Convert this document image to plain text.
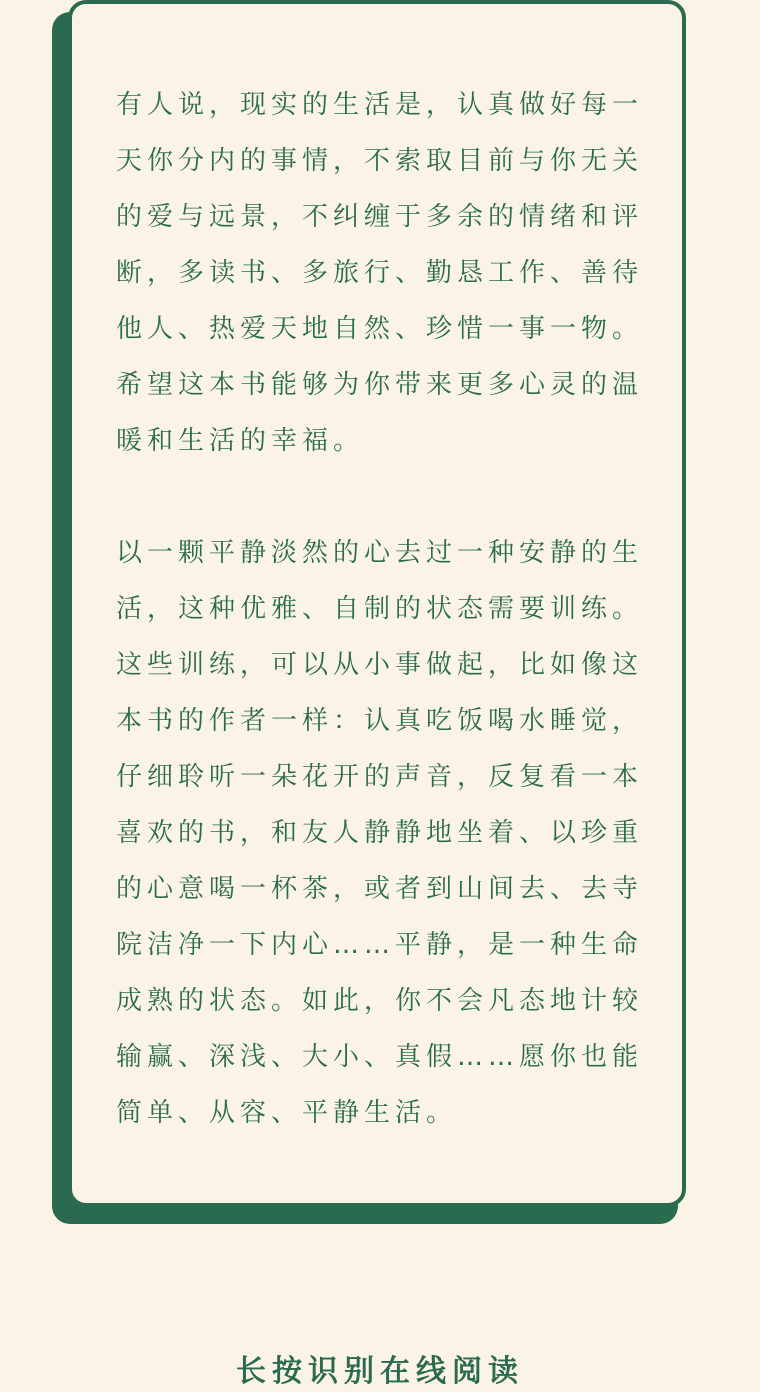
有人说，现实的生活是，认真做好每一
天你分内的事情，不索取目前与你无关
的爱与远景，不纠缠于多余的情绪和评
断，多读书、多旅行、勤恳工作、善待
他人、热爱天地自然、珍惜一事一物。
希望这本书能够为你带来更多心灵的温
暖和生活的幸福。

以一颗平静淡然的心去过一种安静的生
活，这种优雅、自制的状态需要训练。
这些训练，可以从小事做起，比如像这
本书的作者一样：认真吃饭喝水睡觉，
仔细聆听一朵花开的声音，反复看一本
喜欢的书，和友人静静地坐着、以珍重
的心意喝一杯茶，或者到山间去、去寺
院洁净一下内心……平静，是一种生命
成熟的状态。如此，你不会凡态地计较
输赢、深浅、大小、真假……愿你也能
简单、从容、平静生活。

长按识别在线阅读
